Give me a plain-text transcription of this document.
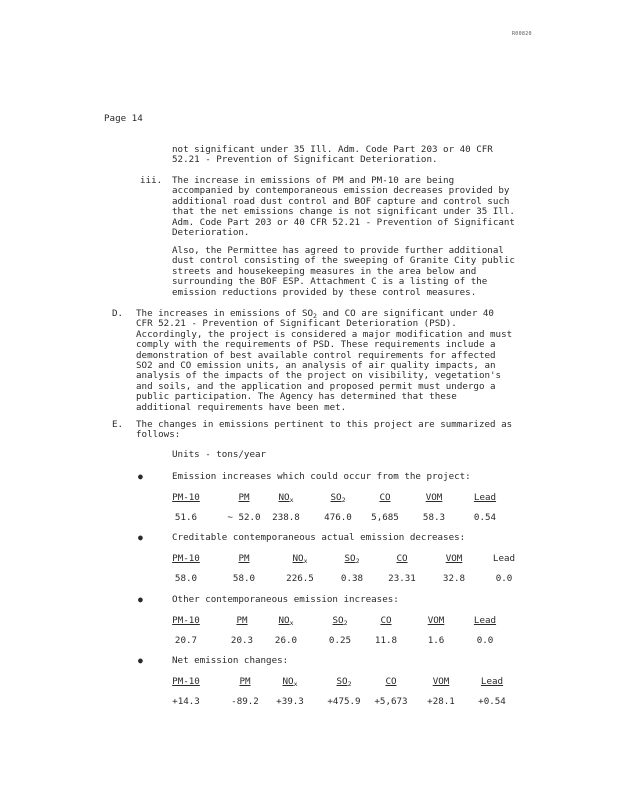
R00820
Page 14

not significant under 35 Ill. Adm. Code Part 203 or 40 CFR

52.21 - Prevention of Significant Deterioration.

iii. The increase in emissions of PM and PM-10 are being

accompanied by contemporaneous emission decreases provided by

additional road dust control and BOF capture and control such

that the net emissions change is not significant under 35 Ill.

Adm. Code Part 203 or 40 CFR 52.21 - Prevention of Significant

Deterioration.

Also, the Permittee has agreed to provide further additional

dust control consisting of the sweeping of Granite City public

streets and housekeeping measures in the area below and

surrounding the BOF ESP. Attachment C is a listing of the

emission reductions provided by these control measures.

D. The increases in emissions of $SO_2$ and CO are significant under 40

CFR 52.21 - Prevention of Significant Deterioration (PSD).

Accordingly, the project is considered a major modification and must

comply with the requirements of PSD. These requirements include a

demonstration of best available control requirements for affected

SO2 and CO emission units, an analysis of air quality impacts, an

analysis of the impacts of the project on visibility, vegetation's

and soils, and the application and proposed permit must undergo a

public participation. The Agency has determined that these

additional requirements have been met.

E. The changes in emissions pertinent to this project are summarized as

follows:

Units - tons/year
●	Emission increases which could occur from the project:
PM-10	PM	$NO_x$	$SO_2$	CO	VOM	Lead
51.6	~ 52.0	238.8	476.0	5,685	58.3	0.54
●	Creditable contemporaneous actual emission decreases:
PM-10	PM	$NO_x$	$SO_2$	CO	VOM	Lead
58.0	58.0	226.5	0.38	23.31	32.8	0.0
●	Other contemporaneous emission increases:
PM-10	PM	$NO_x$	$SO_2$	CO	VOM	Lead
20.7	20.3	26.0	0.25	11.8	1.6	0.0
●	Net emission changes:
PM-10	PM	$NO_x$	$SO_2$	CO	VOM	Lead
+14.3	-89.2	+39.3	+475.9	+5,673	+28.1	+0.54
